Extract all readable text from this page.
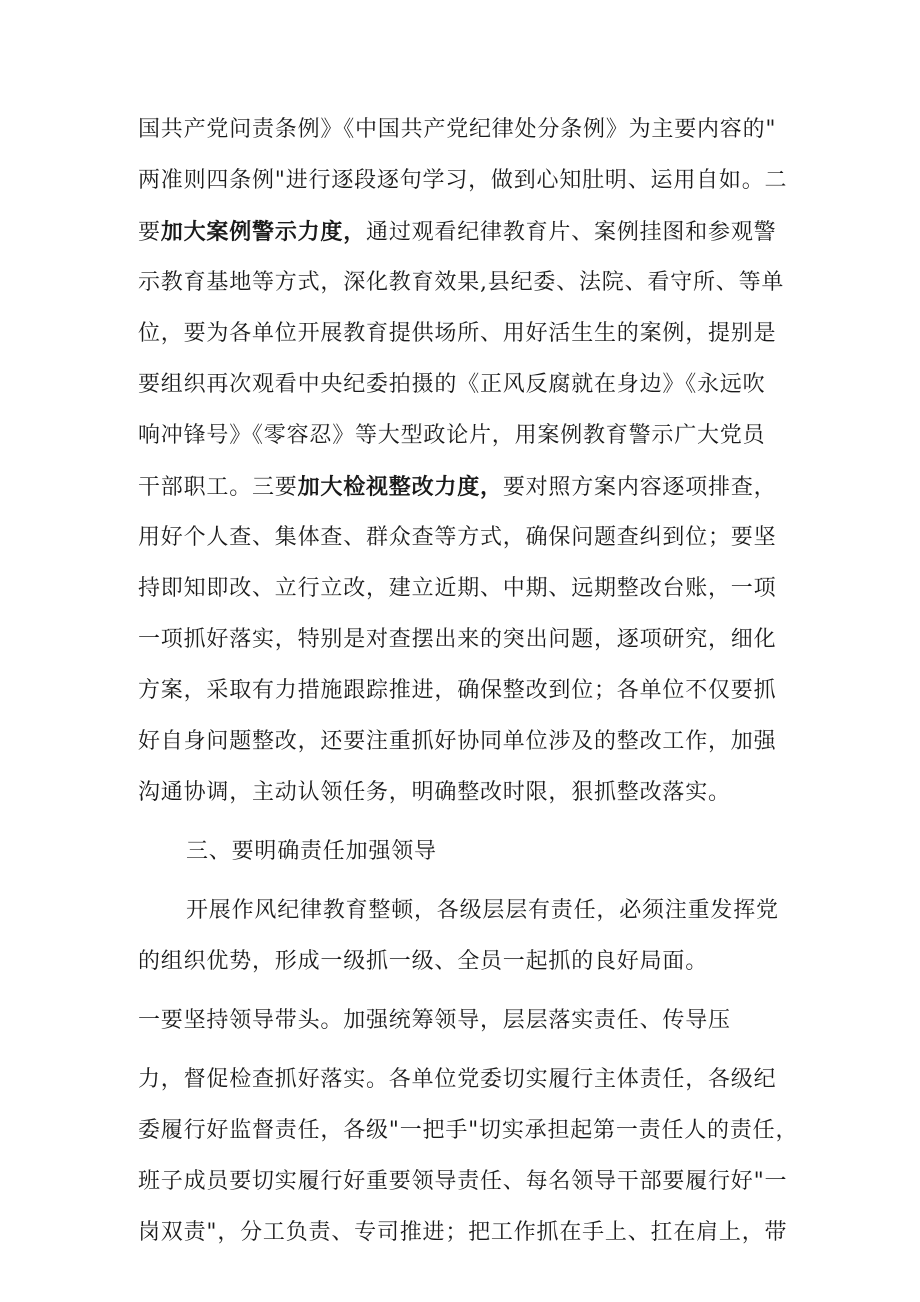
国共产党问责条例》《中国共产党纪律处分条例》为主要内容的"
两准则四条例"进行逐段逐句学习，做到心知肚明、运用自如。二
要加大案例警示力度，通过观看纪律教育片、案例挂图和参观警
示教育基地等方式，深化教育效果,县纪委、法院、看守所、等单
位，要为各单位开展教育提供场所、用好活生生的案例，提别是
要组织再次观看中央纪委拍摄的《正风反腐就在身边》《永远吹
响冲锋号》《零容忍》等大型政论片，用案例教育警示广大党员
干部职工。三要加大检视整改力度，要对照方案内容逐项排查，
用好个人查、集体查、群众查等方式，确保问题查纠到位；要坚
持即知即改、立行立改，建立近期、中期、远期整改台账，一项
一项抓好落实，特别是对查摆出来的突出问题，逐项研究，细化
方案，采取有力措施跟踪推进，确保整改到位；各单位不仅要抓
好自身问题整改，还要注重抓好协同单位涉及的整改工作，加强
沟通协调，主动认领任务，明确整改时限，狠抓整改落实。
三、要明确责任加强领导
开展作风纪律教育整顿，各级层层有责任，必须注重发挥党
的组织优势，形成一级抓一级、全员一起抓的良好局面。
一要坚持领导带头。加强统筹领导，层层落实责任、传导压
力，督促检查抓好落实。各单位党委切实履行主体责任，各级纪
委履行好监督责任，各级"一把手"切实承担起第一责任人的责任，
班子成员要切实履行好重要领导责任、每名领导干部要履行好"一
岗双责"，分工负责、专司推进；把工作抓在手上、扛在肩上，带
